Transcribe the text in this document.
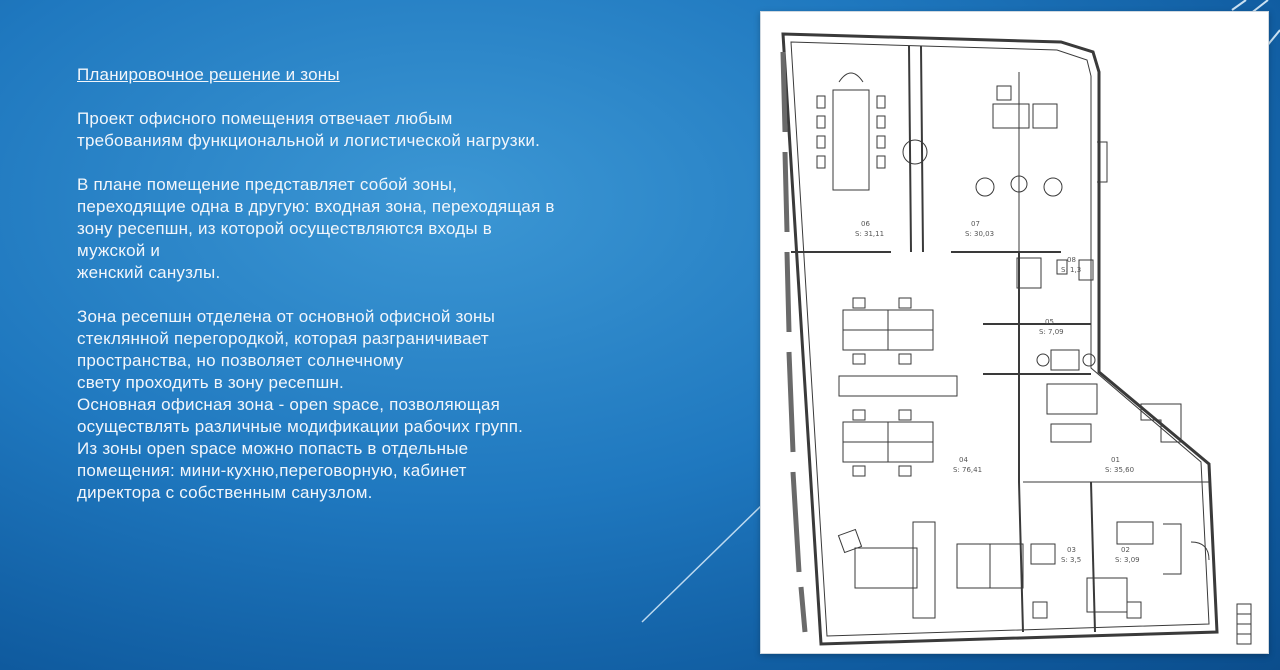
Планировочное решение и зоны
Проект офисного помещения отвечает любым
требованиям функциональной и логистической нагрузки.
В плане помещение представляет собой зоны,
переходящие одна в другую: входная зона, переходящая в
зону ресепшн, из которой осуществляются входы в
мужской и
женский санузлы.
Зона ресепшн отделена от основной офисной зоны
стеклянной перегородкой, которая разграничивает
пространства, но позволяет солнечному
свету проходить в зону ресепшн.
Основная офисная зона - open space, позволяющая
осуществлять различные модификации рабочих групп.
Из зоны open space можно попасть в отдельные
помещения: мини-кухню,переговорную, кабинет
директора с собственным санузлом.
06
S: 31,11
07
S: 30,03
08
S: 1,3
05
S: 7,09
04
S: 76,41
01
S: 35,60
03
S: 3,5
02
S: 3,09
